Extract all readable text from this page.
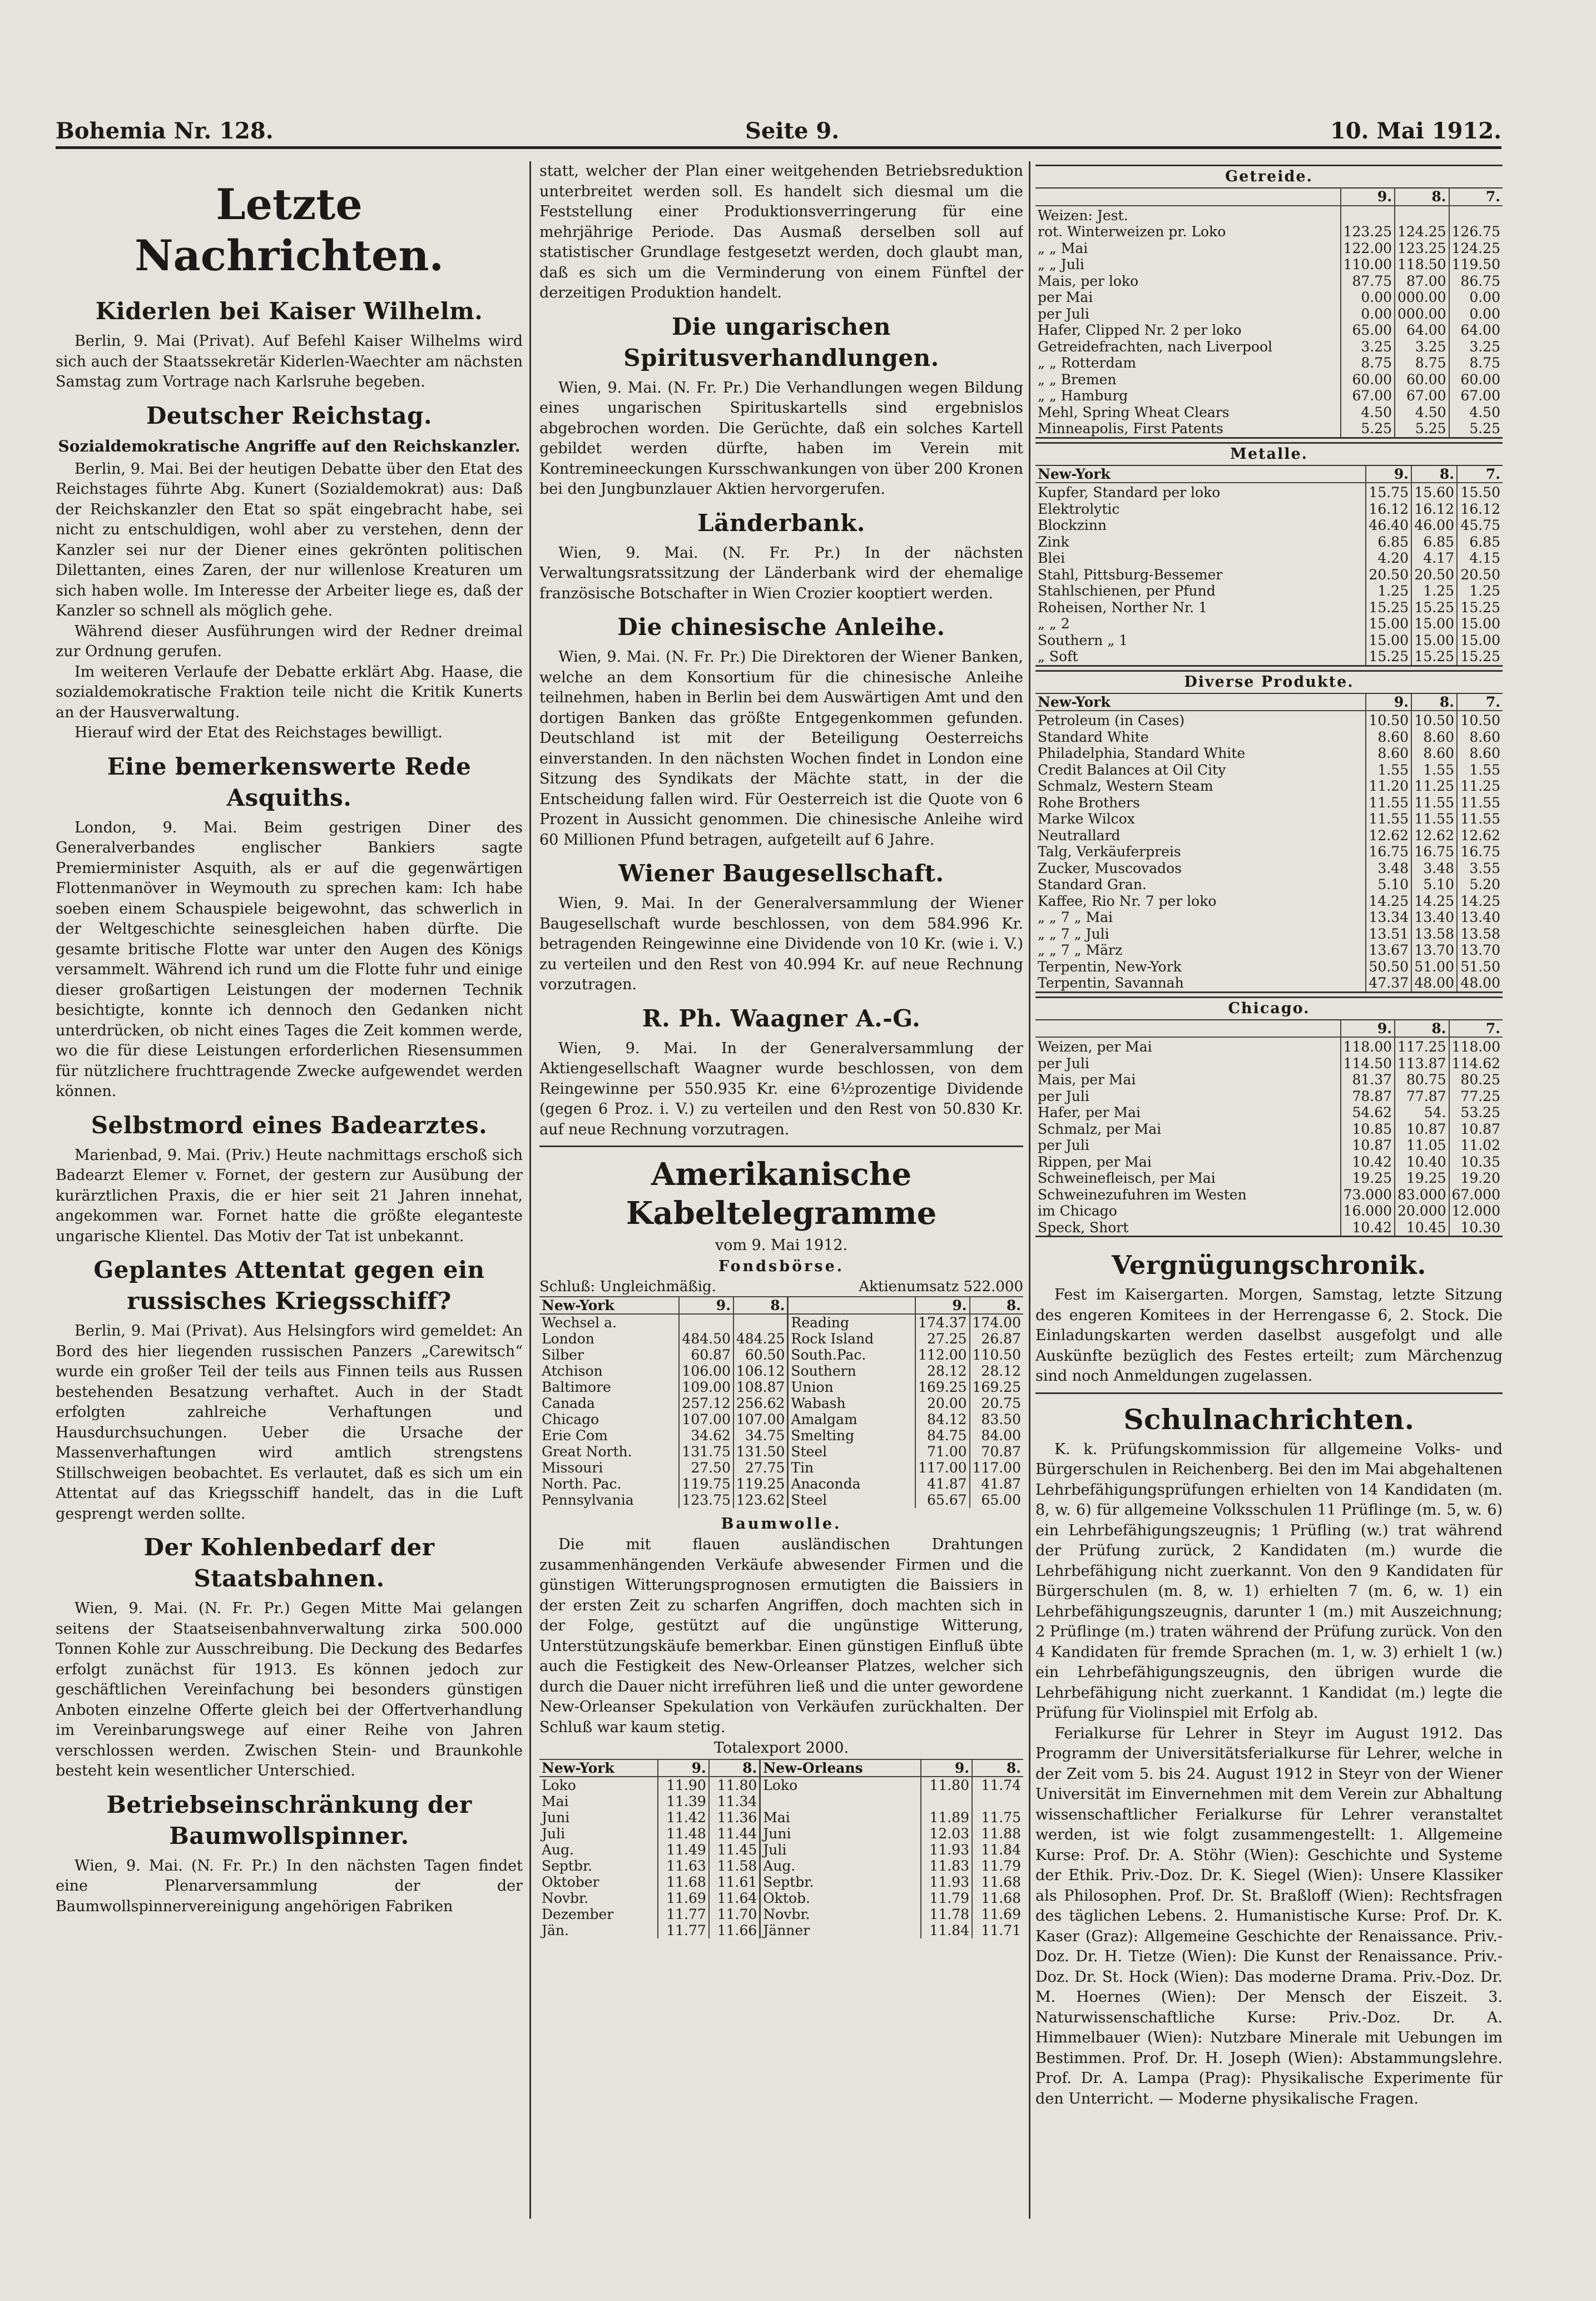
Bohemia Nr. 128.	Seite 9.	10. Mai 1912.
Letzte Nachrichten.
Kiderlen bei Kaiser Wilhelm.

Berlin, 9. Mai (Privat). Auf Befehl Kaiser Wilhelms wird sich auch der Staatssekretär Kiderlen-Waechter am nächsten Samstag zum Vortrage nach Karlsruhe begeben.

Deutscher Reichstag.
Sozialdemokratische Angriffe auf den Reichskanzler.

Berlin, 9. Mai. Bei der heutigen Debatte über den Etat des Reichstages führte Abg. Kunert (Sozialdemokrat) aus: Daß der Reichskanzler den Etat so spät eingebracht habe, sei nicht zu entschuldigen, wohl aber zu verstehen, denn der Kanzler sei nur der Diener eines gekrönten politischen Dilettanten, eines Zaren, der nur willenlose Kreaturen um sich haben wolle. Im Interesse der Arbeiter liege es, daß der Kanzler so schnell als möglich gehe.

Während dieser Ausführungen wird der Redner dreimal zur Ordnung gerufen.

Im weiteren Verlaufe der Debatte erklärt Abg. Haase, die sozialdemokratische Fraktion teile nicht die Kritik Kunerts an der Hausverwaltung.

Hierauf wird der Etat des Reichstages bewilligt.

Eine bemerkenswerte Rede Asquiths.

London, 9. Mai. Beim gestrigen Diner des Generalverbandes englischer Bankiers sagte Premierminister Asquith, als er auf die gegenwärtigen Flottenmanöver in Weymouth zu sprechen kam: Ich habe soeben einem Schauspiele beigewohnt, das schwerlich in der Weltgeschichte seinesgleichen haben dürfte. Die gesamte britische Flotte war unter den Augen des Königs versammelt. Während ich rund um die Flotte fuhr und einige dieser großartigen Leistungen der modernen Technik besichtigte, konnte ich dennoch den Gedanken nicht unterdrücken, ob nicht eines Tages die Zeit kommen werde, wo die für diese Leistungen erforderlichen Riesensummen für nützlichere fruchttragende Zwecke aufgewendet werden können.

Selbstmord eines Badearztes.

Marienbad, 9. Mai. (Priv.) Heute nachmittags erschoß sich Badearzt Elemer v. Fornet, der gestern zur Ausübung der kurärztlichen Praxis, die er hier seit 21 Jahren innehat, angekommen war. Fornet hatte die größte eleganteste ungarische Klientel. Das Motiv der Tat ist unbekannt.

Geplantes Attentat gegen ein russisches Kriegsschiff?

Berlin, 9. Mai (Privat). Aus Helsingfors wird gemeldet: An Bord des hier liegenden russischen Panzers „Carewitsch“ wurde ein großer Teil der teils aus Finnen teils aus Russen bestehenden Besatzung verhaftet. Auch in der Stadt erfolgten zahlreiche Verhaftungen und Hausdurchsuchungen. Ueber die Ursache der Massenverhaftungen wird amtlich strengstens Stillschweigen beobachtet. Es verlautet, daß es sich um ein Attentat auf das Kriegsschiff handelt, das in die Luft gesprengt werden sollte.

Der Kohlenbedarf der Staatsbahnen.

Wien, 9. Mai. (N. Fr. Pr.) Gegen Mitte Mai gelangen seitens der Staatseisenbahnverwaltung zirka 500.000 Tonnen Kohle zur Ausschreibung. Die Deckung des Bedarfes erfolgt zunächst für 1913. Es können jedoch zur geschäftlichen Vereinfachung bei besonders günstigen Anboten einzelne Offerte gleich bei der Offertverhandlung im Vereinbarungswege auf einer Reihe von Jahren verschlossen werden. Zwischen Stein- und Braunkohle besteht kein wesentlicher Unterschied.

Betriebseinschränkung der Baumwollspinner.

Wien, 9. Mai. (N. Fr. Pr.) In den nächsten Tagen findet eine Plenarversammlung der der Baumwollspinnervereinigung angehörigen Fabriken

statt, welcher der Plan einer weitgehenden Betriebsreduktion unterbreitet werden soll. Es handelt sich diesmal um die Feststellung einer Produktionsverringerung für eine mehrjährige Periode. Das Ausmaß derselben soll auf statistischer Grundlage festgesetzt werden, doch glaubt man, daß es sich um die Verminderung von einem Fünftel der derzeitigen Produktion handelt.

Die ungarischen Spiritusverhandlungen.

Wien, 9. Mai. (N. Fr. Pr.) Die Verhandlungen wegen Bildung eines ungarischen Spirituskartells sind ergebnislos abgebrochen worden. Die Gerüchte, daß ein solches Kartell gebildet werden dürfte, haben im Verein mit Kontremineeckungen Kursschwankungen von über 200 Kronen bei den Jungbunzlauer Aktien hervorgerufen.

Länderbank.

Wien, 9. Mai. (N. Fr. Pr.) In der nächsten Verwaltungsratssitzung der Länderbank wird der ehemalige französische Botschafter in Wien Crozier kooptiert werden.

Die chinesische Anleihe.

Wien, 9. Mai. (N. Fr. Pr.) Die Direktoren der Wiener Banken, welche an dem Konsortium für die chinesische Anleihe teilnehmen, haben in Berlin bei dem Auswärtigen Amt und den dortigen Banken das größte Entgegenkommen gefunden. Deutschland ist mit der Beteiligung Oesterreichs einverstanden. In den nächsten Wochen findet in London eine Sitzung des Syndikats der Mächte statt, in der die Entscheidung fallen wird. Für Oesterreich ist die Quote von 6 Prozent in Aussicht genommen. Die chinesische Anleihe wird 60 Millionen Pfund betragen, aufgeteilt auf 6 Jahre.

Wiener Baugesellschaft.

Wien, 9. Mai. In der Generalversammlung der Wiener Baugesellschaft wurde beschlossen, von dem 584.996 Kr. betragenden Reingewinne eine Dividende von 10 Kr. (wie i. V.) zu verteilen und den Rest von 40.994 Kr. auf neue Rechnung vorzutragen.

R. Ph. Waagner A.-G.

Wien, 9. Mai. In der Generalversammlung der Aktiengesellschaft Waagner wurde beschlossen, von dem Reingewinne per 550.935 Kr. eine 6½prozentige Dividende (gegen 6 Proz. i. V.) zu verteilen und den Rest von 50.830 Kr. auf neue Rechnung vorzutragen.

Amerikanische Kabeltelegramme
vom 9. Mai 1912.
Fondsbörse.
Schluß: Ungleichmäßig.	Aktienumsatz 522.000
New-York	9.	8.		9.	8.
Wechsel a.			Reading	174.37	174.00
London	484.50	484.25	Rock Island	27.25	26.87
Silber	60.87	60.50	South.Pac.	112.00	110.50
Atchison	106.00	106.12	Southern	28.12	28.12
Baltimore	109.00	108.87	Union	169.25	169.25
Canada	257.12	256.62	Wabash	20.00	20.75
Chicago	107.00	107.00	Amalgam	84.12	83.50
Erie Com	34.62	34.75	Smelting	84.75	84.00
Great North.	131.75	131.50	Steel	71.00	70.87
Missouri	27.50	27.75	Tin	117.00	117.00
North. Pac.	119.75	119.25	Anaconda	41.87	41.87
Pennsylvania	123.75	123.62	Steel	65.67	65.00
Baumwolle.

Die mit flauen ausländischen Drahtungen zusammenhängenden Verkäufe abwesender Firmen und die günstigen Witterungsprognosen ermutigten die Baissiers in der ersten Zeit zu scharfen Angriffen, doch machten sich in der Folge, gestützt auf die ungünstige Witterung, Unterstützungskäufe bemerkbar. Einen günstigen Einfluß übte auch die Festigkeit des New-Orleanser Platzes, welcher sich durch die Dauer nicht irreführen ließ und die unter gewordene New-Orleanser Spekulation von Verkäufen zurückhalten. Der Schluß war kaum stetig.

Totalexport 2000.
New-York	9.	8.	New-Orleans	9.	8.
Loko	11.90	11.80	Loko	11.80	11.74
Mai	11.39	11.34			
Juni	11.42	11.36	Mai	11.89	11.75
Juli	11.48	11.44	Juni	12.03	11.88
Aug.	11.49	11.45	Juli	11.93	11.84
Septbr.	11.63	11.58	Aug.	11.83	11.79
Oktober	11.68	11.61	Septbr.	11.93	11.68
Novbr.	11.69	11.64	Oktob.	11.79	11.68
Dezember	11.77	11.70	Novbr.	11.78	11.69
Jän.	11.77	11.66	Jänner	11.84	11.71
Getreide.
	9.	8.	7.
Weizen: Jest.			
rot. Winterweizen pr. Loko	123.25	124.25	126.75
„ „ Mai	122.00	123.25	124.25
„ „ Juli	110.00	118.50	119.50
Mais, per loko	87.75	87.00	86.75
per Mai	0.00	000.00	0.00
per Juli	0.00	000.00	0.00
Hafer, Clipped Nr. 2 per loko	65.00	64.00	64.00
Getreidefrachten, nach Liverpool	3.25	3.25	3.25
„ „ Rotterdam	8.75	8.75	8.75
„ „ Bremen	60.00	60.00	60.00
„ „ Hamburg	67.00	67.00	67.00
Mehl, Spring Wheat Clears	4.50	4.50	4.50
Minneapolis, First Patents	5.25	5.25	5.25
Metalle.
New-York	9.	8.	7.
Kupfer, Standard per loko	15.75	15.60	15.50
Elektrolytic	16.12	16.12	16.12
Blockzinn	46.40	46.00	45.75
Zink	6.85	6.85	6.85
Blei	4.20	4.17	4.15
Stahl, Pittsburg-Bessemer	20.50	20.50	20.50
Stahlschienen, per Pfund	1.25	1.25	1.25
Roheisen, Norther Nr. 1	15.25	15.25	15.25
„ „ 2	15.00	15.00	15.00
Southern „ 1	15.00	15.00	15.00
„ Soft	15.25	15.25	15.25
Diverse Produkte.
New-York	9.	8.	7.
Petroleum (in Cases)	10.50	10.50	10.50
Standard White	8.60	8.60	8.60
Philadelphia, Standard White	8.60	8.60	8.60
Credit Balances at Oil City	1.55	1.55	1.55
Schmalz, Western Steam	11.20	11.25	11.25
Rohe Brothers	11.55	11.55	11.55
Marke Wilcox	11.55	11.55	11.55
Neutrallard	12.62	12.62	12.62
Talg, Verkäuferpreis	16.75	16.75	16.75
Zucker, Muscovados	3.48	3.48	3.55
Standard Gran.	5.10	5.10	5.20
Kaffee, Rio Nr. 7 per loko	14.25	14.25	14.25
„ „ 7 „ Mai	13.34	13.40	13.40
„ „ 7 „ Juli	13.51	13.58	13.58
„ „ 7 „ März	13.67	13.70	13.70
Terpentin, New-York	50.50	51.00	51.50
Terpentin, Savannah	47.37	48.00	48.00
Chicago.
	9.	8.	7.
Weizen, per Mai	118.00	117.25	118.00
per Juli	114.50	113.87	114.62
Mais, per Mai	81.37	80.75	80.25
per Juli	78.87	77.87	77.25
Hafer, per Mai	54.62	54.	53.25
Schmalz, per Mai	10.85	10.87	10.87
per Juli	10.87	11.05	11.02
Rippen, per Mai	10.42	10.40	10.35
Schweinefleisch, per Mai	19.25	19.25	19.20
Schweinezufuhren im Westen	73.000	83.000	67.000
im Chicago	16.000	20.000	12.000
Speck, Short	10.42	10.45	10.30
Vergnügungschronik.

Fest im Kaisergarten. Morgen, Samstag, letzte Sitzung des engeren Komitees in der Herrengasse 6, 2. Stock. Die Einladungskarten werden daselbst ausgefolgt und alle Auskünfte bezüglich des Festes erteilt; zum Märchenzug sind noch Anmeldungen zugelassen.

Schulnachrichten.

K. k. Prüfungskommission für allgemeine Volks- und Bürgerschulen in Reichenberg. Bei den im Mai abgehaltenen Lehrbefähigungsprüfungen erhielten von 14 Kandidaten (m. 8, w. 6) für allgemeine Volksschulen 11 Prüflinge (m. 5, w. 6) ein Lehrbefähigungszeugnis; 1 Prüfling (w.) trat während der Prüfung zurück, 2 Kandidaten (m.) wurde die Lehrbefähigung nicht zuerkannt. Von den 9 Kandidaten für Bürgerschulen (m. 8, w. 1) erhielten 7 (m. 6, w. 1) ein Lehrbefähigungszeugnis, darunter 1 (m.) mit Auszeichnung; 2 Prüflinge (m.) traten während der Prüfung zurück. Von den 4 Kandidaten für fremde Sprachen (m. 1, w. 3) erhielt 1 (w.) ein Lehrbefähigungszeugnis, den übrigen wurde die Lehrbefähigung nicht zuerkannt. 1 Kandidat (m.) legte die Prüfung für Violinspiel mit Erfolg ab.

Ferialkurse für Lehrer in Steyr im August 1912. Das Programm der Universitätsferialkurse für Lehrer, welche in der Zeit vom 5. bis 24. August 1912 in Steyr von der Wiener Universität im Einvernehmen mit dem Verein zur Abhaltung wissenschaftlicher Ferialkurse für Lehrer veranstaltet werden, ist wie folgt zusammengestellt: 1. Allgemeine Kurse: Prof. Dr. A. Stöhr (Wien): Geschichte und Systeme der Ethik. Priv.-Doz. Dr. K. Siegel (Wien): Unsere Klassiker als Philosophen. Prof. Dr. St. Braßloff (Wien): Rechtsfragen des täglichen Lebens. 2. Humanistische Kurse: Prof. Dr. K. Kaser (Graz): Allgemeine Geschichte der Renaissance. Priv.-Doz. Dr. H. Tietze (Wien): Die Kunst der Renaissance. Priv.-Doz. Dr. St. Hock (Wien): Das moderne Drama. Priv.-Doz. Dr. M. Hoernes (Wien): Der Mensch der Eiszeit. 3. Naturwissenschaftliche Kurse: Priv.-Doz. Dr. A. Himmelbauer (Wien): Nutzbare Minerale mit Uebungen im Bestimmen. Prof. Dr. H. Joseph (Wien): Abstammungslehre. Prof. Dr. A. Lampa (Prag): Physikalische Experimente für den Unterricht. — Moderne physikalische Fragen.
